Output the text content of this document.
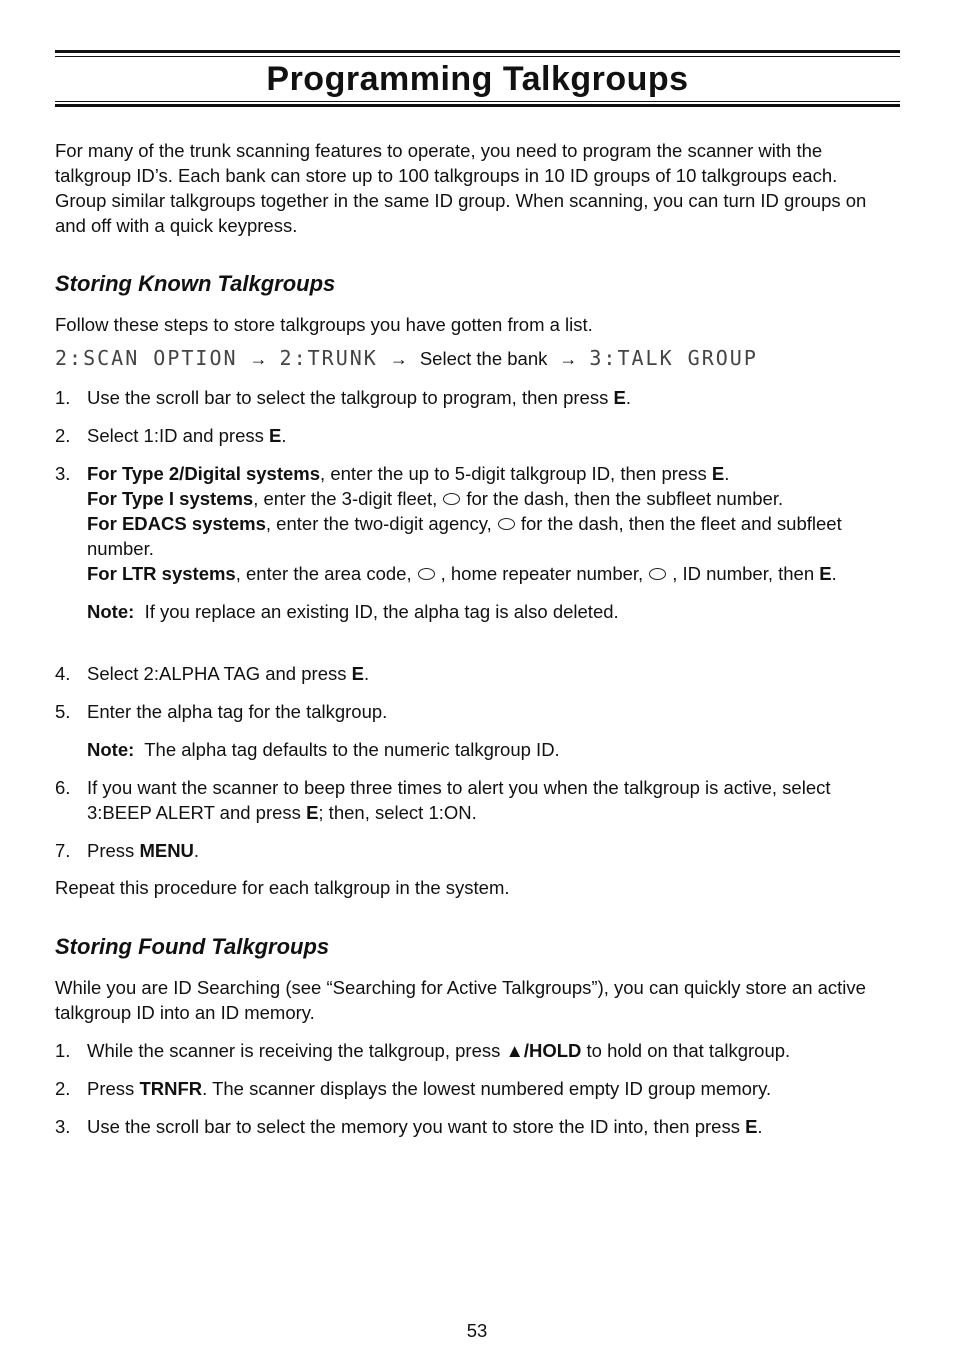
Programming Talkgroups

For many of the trunk scanning features to operate, you need to program the scanner with the talkgroup ID’s. Each bank can store up to 100 talkgroups in 10 ID groups of 10 talkgroups each. Group similar talkgroups together in the same ID group. When scanning, you can turn ID groups on and off with a quick keypress.

Storing Known Talkgroups

Follow these steps to store talkgroups you have gotten from a list.

2:SCAN OPTION → 2:TRUNK → Select the bank → 3:TALK GROUP
1. Use the scroll bar to select the talkgroup to program, then press E.
2. Select 1:ID and press E.
3. For Type 2/Digital systems, enter the up to 5-digit talkgroup ID, then press E.
For Type I systems, enter the 3-digit fleet, for the dash, then the subfleet number.
For EDACS systems, enter the two-digit agency, for the dash, then the fleet and subfleet number.
For LTR systems, enter the area code, , home repeater number, , ID number, then E.
Note: If you replace an existing ID, the alpha tag is also deleted.
4. Select 2:ALPHA TAG and press E.
5. Enter the alpha tag for the talkgroup.
Note: The alpha tag defaults to the numeric talkgroup ID.
6. If you want the scanner to beep three times to alert you when the talkgroup is active, select 3:BEEP ALERT and press E; then, select 1:ON.
7. Press MENU.

Repeat this procedure for each talkgroup in the system.

Storing Found Talkgroups

While you are ID Searching (see “Searching for Active Talkgroups”), you can quickly store an active talkgroup ID into an ID memory.

1. While the scanner is receiving the talkgroup, press ▲/HOLD to hold on that talkgroup.
2. Press TRNFR. The scanner displays the lowest numbered empty ID group memory.
3. Use the scroll bar to select the memory you want to store the ID into, then press E.
53
